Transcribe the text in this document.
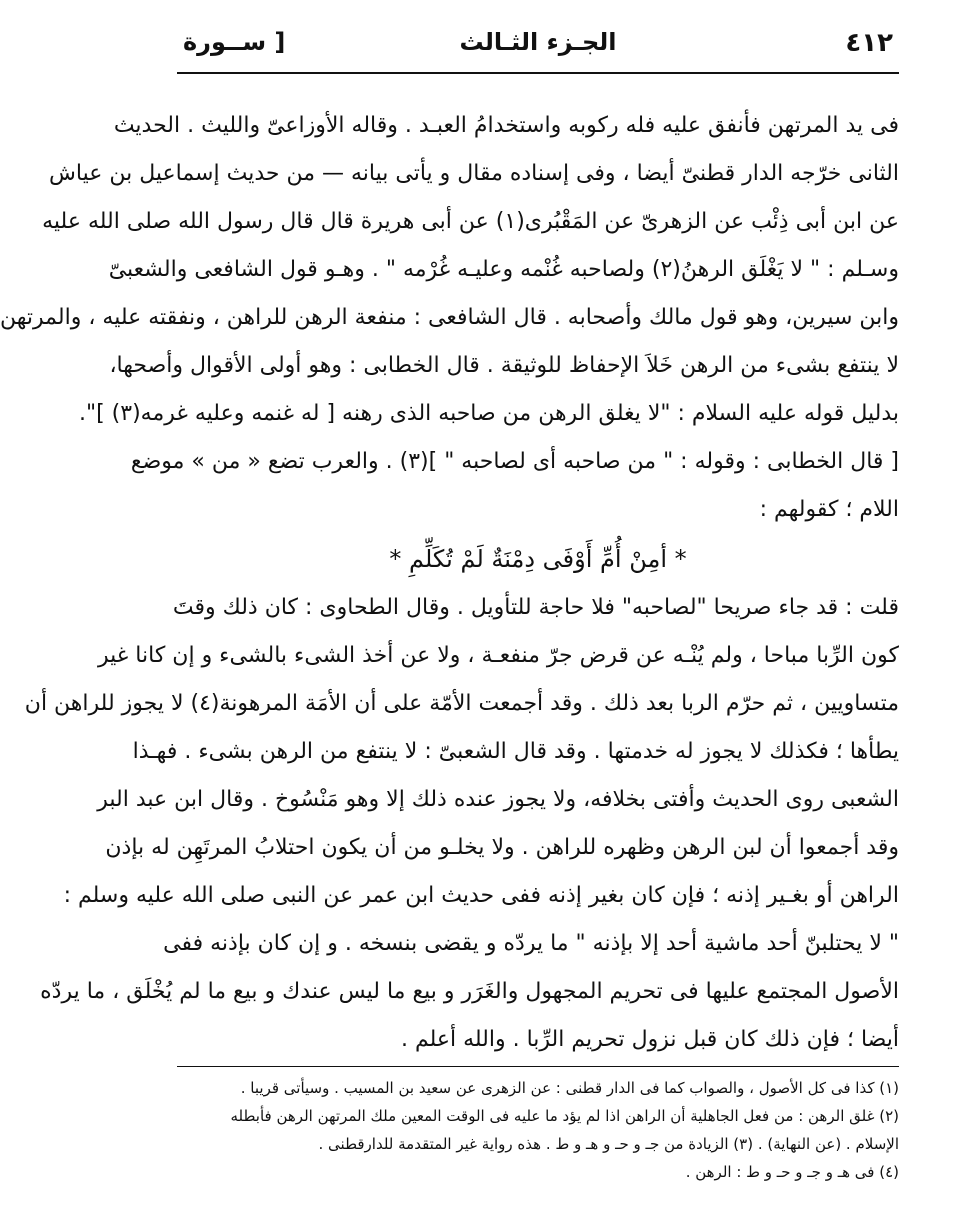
٤١٢
الجـزء الثـالث
[ ســورة
فى يد المرتهن فأنفق عليه فله ركوبه واستخدامُ العبـد . وقاله الأوزاعىّ والليث . الحديث
الثانى خرّجه الدار قطنىّ أيضا ، وفى إسناده مقال و يأتى بيانه — من حديث إسماعيل بن عياش
عن ابن أبى ذِئْب عن الزهرىّ عن المَقْبُرى(١) عن أبى هريرة قال قال رسول الله صلى الله عليه
وسـلم : " لا يَغْلَق الرهنُ(٢) ولصاحبه غُنْمه وعليـه غُرْمه " . وهـو قول الشافعى والشعبىّ
وابن سيرين، وهو قول مالك وأصحابه . قال الشافعى : منفعة الرهن للراهن ، ونفقته عليه ، والمرتهن
لا ينتفع بشىء من الرهن خَلاَ الإحفاظ للوثيقة . قال الخطابى : وهو أولى الأقوال وأصحها،
بدليل قوله عليه السلام : "لا يغلق الرهن من صاحبه الذى رهنه [ له غنمه وعليه غرمه(٣) ]".
[ قال الخطابى : وقوله : " من صاحبه أى لصاحبه " ](٣) . والعرب تضع « من » موضع
اللام ؛ كقولهم :
* أمِنْ أُمِّ أَوْفَى دِمْنَةٌ لَمْ تُكَلِّمِ *
قلت : قد جاء صريحا "لصاحبه" فلا حاجة للتأويل . وقال الطحاوى : كان ذلك وقتَ
كون الرِّبا مباحا ، ولم يُنْـه عن قرض جرّ منفعـة ، ولا عن أخذ الشىء بالشىء و إن كانا غير
متساويين ، ثم حرّم الربا بعد ذلك . وقد أجمعت الأمّة على أن الأمَة المرهونة(٤) لا يجوز للراهن أن
يطأها ؛ فكذلك لا يجوز له خدمتها . وقد قال الشعبىّ : لا ينتفع من الرهن بشىء . فهـذا
الشعبى روى الحديث وأفتى بخلافه، ولا يجوز عنده ذلك إلا وهو مَنْسُوخ . وقال ابن عبد البر
وقد أجمعوا أن لبن الرهن وظهره للراهن . ولا يخلـو من أن يكون احتلابُ المرتَهِن له بإذن
الراهن أو بغـير إذنه ؛ فإن كان بغير إذنه ففى حديث ابن عمر عن النبى صلى الله عليه وسلم :
" لا يحتلبنّ أحد ماشية أحد إلا بإذنه " ما يردّه و يقضى بنسخه . و إن كان بإذنه ففى
الأصول المجتمع عليها فى تحريم المجهول والغَرَر و بيع ما ليس عندك و بيع ما لم يُخْلَق ، ما يردّه
أيضا ؛ فإن ذلك كان قبل نزول تحريم الرِّبا . والله أعلم .
(١) كذا فى كل الأصول ، والصواب كما فى الدار قطنى : عن الزهرى عن سعيد بن المسيب . وسيأتى قريبا .
(٢) غلق الرهن : من فعل الجاهلية أن الراهن اذا لم يؤد ما عليه فى الوقت المعين ملك المرتهن الرهن فأبطله
الإسلام . (عن النهاية) . (٣) الزيادة من جـ و حـ و هـ و ط . هذه رواية غير المتقدمة للدارقطنى .
(٤) فى هـ و جـ و حـ و ط : الرهن .
